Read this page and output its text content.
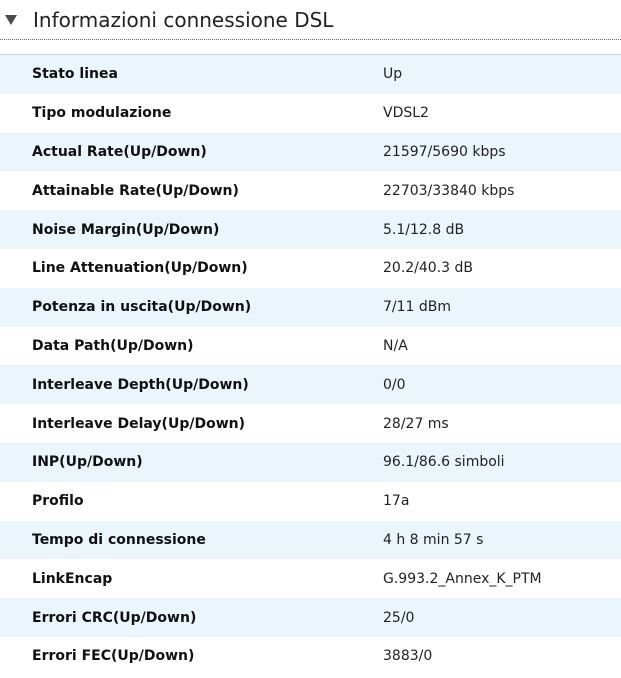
Informazioni connessione DSL
Stato linea	Up
Tipo modulazione	VDSL2
Actual Rate(Up/Down)	21597/5690 kbps
Attainable Rate(Up/Down)	22703/33840 kbps
Noise Margin(Up/Down)	5.1/12.8 dB
Line Attenuation(Up/Down)	20.2/40.3 dB
Potenza in uscita(Up/Down)	7/11 dBm
Data Path(Up/Down)	N/A
Interleave Depth(Up/Down)	0/0
Interleave Delay(Up/Down)	28/27 ms
INP(Up/Down)	96.1/86.6 simboli
Profilo	17a
Tempo di connessione	4 h 8 min 57 s
LinkEncap	G.993.2_Annex_K_PTM
Errori CRC(Up/Down)	25/0
Errori FEC(Up/Down)	3883/0
